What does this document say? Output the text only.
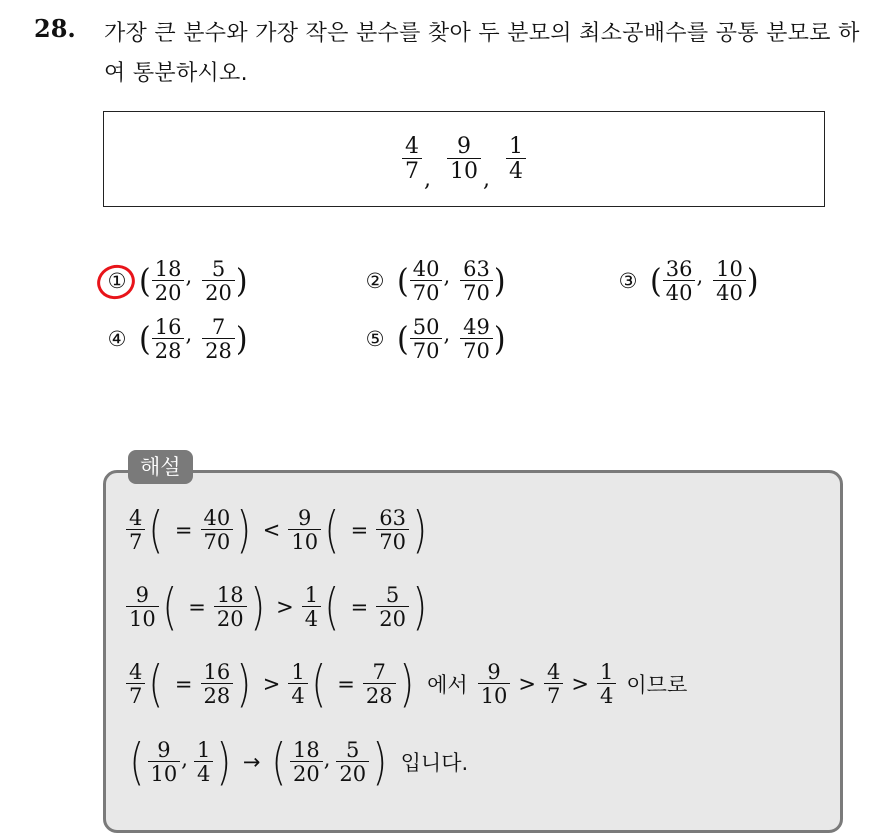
28. 가장 큰 분수와 가장 작은 분수를 찾아 두 분모의 최소공배수를 공통 분모로 하여 통분하시오.
$\frac{4}{7}$ , $\frac{9}{10}$ , $\frac{1}{4}$
① ( $\frac{18}{20}$ , $\frac{5}{20}$ )	② ( $\frac{40}{70}$ , $\frac{63}{70}$ )	③ ( $\frac{36}{40}$ , $\frac{10}{40}$ )
④ ( $\frac{16}{28}$ , $\frac{7}{28}$ )	⑤ ( $\frac{50}{70}$ , $\frac{49}{70}$ )
해설
$\frac{4}{7}$ ( = $\frac{40}{70}$ ) < $\frac{9}{10}$ ( = $\frac{63}{70}$ )
$\frac{9}{10}$ ( = $\frac{18}{20}$ ) > $\frac{1}{4}$ ( = $\frac{5}{20}$ )
$\frac{4}{7}$ ( = $\frac{16}{28}$ ) > $\frac{1}{4}$ ( = $\frac{7}{28}$ ) 에서 $\frac{9}{10} > \frac{4}{7} > \frac{1}{4}$ 이므로
( $\frac{9}{10}$ , $\frac{1}{4}$ ) → ( $\frac{18}{20}$ , $\frac{5}{20}$ ) 입니다.
